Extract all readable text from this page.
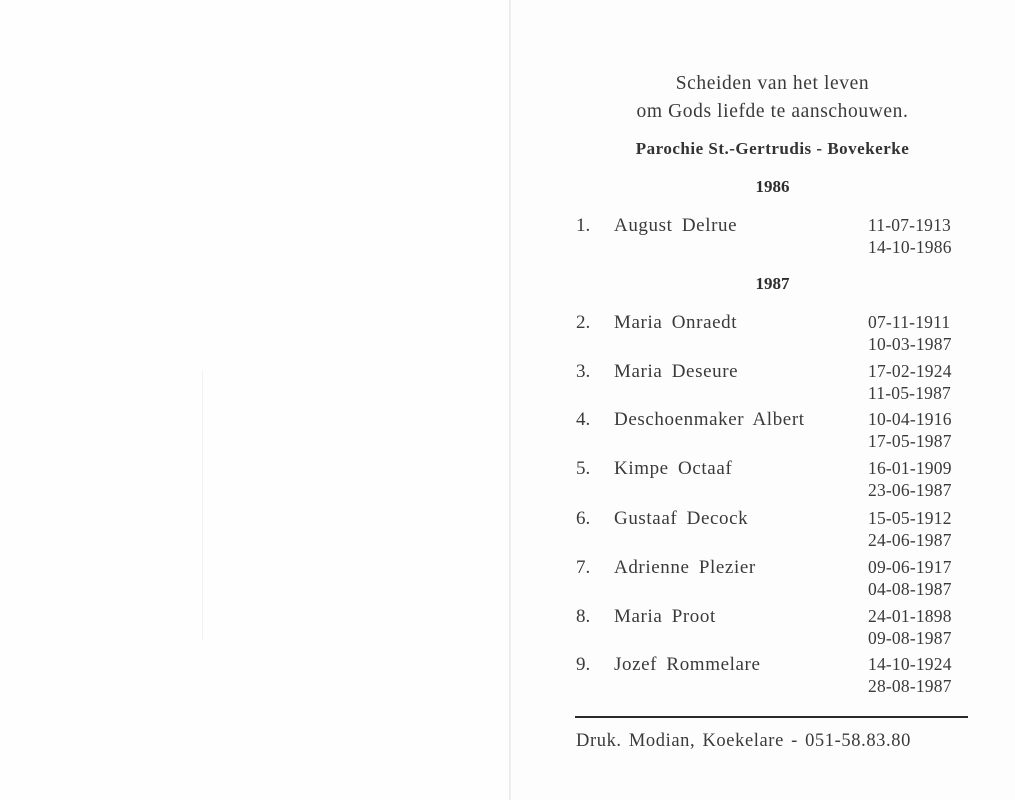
Scheiden van het leven
om Gods liefde te aanschouwen.
Parochie St.-Gertrudis - Bovekerke
1986
1. August Delrue	11-07-1913
14-10-1986
1987
2. Maria Onraedt	07-11-1911
10-03-1987
3. Maria Deseure	17-02-1924
11-05-1987
4. Deschoenmaker Albert	10-04-1916
17-05-1987
5. Kimpe Octaaf	16-01-1909
23-06-1987
6. Gustaaf Decock	15-05-1912
24-06-1987
7. Adrienne Plezier	09-06-1917
04-08-1987
8. Maria Proot	24-01-1898
09-08-1987
9. Jozef Rommelare	14-10-1924
28-08-1987
Druk. Modian, Koekelare - 051-58.83.80
